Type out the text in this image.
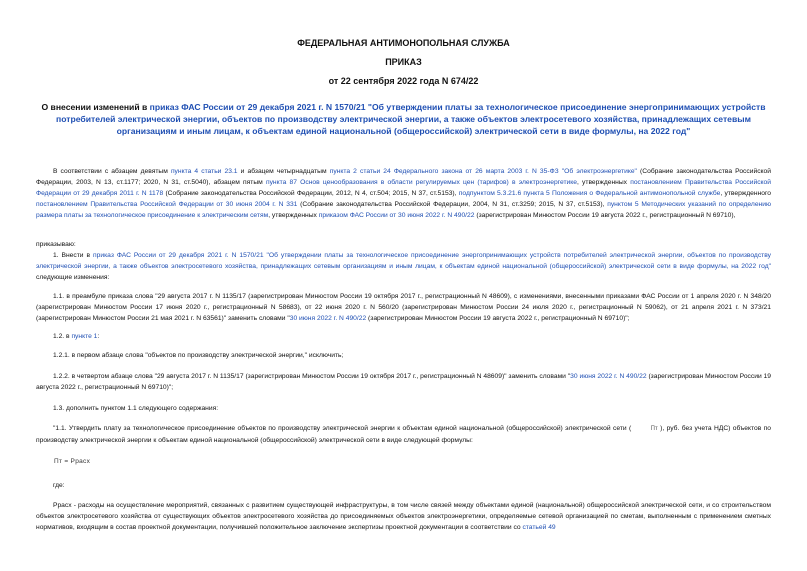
ФЕДЕРАЛЬНАЯ АНТИМОНОПОЛЬНАЯ СЛУЖБА
ПРИКАЗ
от 22 сентября 2022 года N 674/22
О внесении изменений в приказ ФАС России от 29 декабря 2021 г. N 1570/21 "Об утверждении платы за технологическое присоединение энергопринимающих устройств потребителей электрической энергии, объектов по производству электрической энергии, а также объектов электросетевого хозяйства, принадлежащих сетевым организациям и иным лицам, к объектам единой национальной (общероссийской) электрической сети в виде формулы, на 2022 год"

В соответствии с абзацем девятым пункта 4 статьи 23.1 и абзацем четырнадцатым пункта 2 статьи 24 Федерального закона от 26 марта 2003 г. N 35-ФЗ "Об электроэнергетике" (Собрание законодательства Российской Федерации, 2003, N 13, ст.1177; 2020, N 31, ст.5040), абзацем пятым пункта 87 Основ ценообразования в области регулируемых цен (тарифов) в электроэнергетике, утвержденных постановлением Правительства Российской Федерации от 29 декабря 2011 г. N 1178 (Собрание законодательства Российской Федерации, 2012, N 4, ст.504; 2015, N 37, ст.5153), подпунктом 5.3.21.6 пункта 5 Положения о Федеральной антимонопольной службе, утвержденного постановлением Правительства Российской Федерации от 30 июня 2004 г. N 331 (Собрание законодательства Российской Федерации, 2004, N 31, ст.3259; 2015, N 37, ст.5153), пунктом 5 Методических указаний по определению размера платы за технологическое присоединение к электрическим сетям, утвержденных приказом ФАС России от 30 июня 2022 г. N 490/22 (зарегистрирован Минюстом России 19 августа 2022 г., регистрационный N 69710),

приказываю:

1. Внести в приказ ФАС России от 29 декабря 2021 г. N 1570/21 "Об утверждении платы за технологическое присоединение энергопринимающих устройств потребителей электрической энергии, объектов по производству электрической энергии, а также объектов электросетевого хозяйства, принадлежащих сетевым организациям и иным лицам, к объектам единой национальной (общероссийской) электрической сети в виде формулы, на 2022 год" следующие изменения:

1.1. в преамбуле приказа слова "29 августа 2017 г. N 1135/17 (зарегистрирован Минюстом России 19 октября 2017 г., регистрационный N 48609), с изменениями, внесенными приказами ФАС России от 1 апреля 2020 г. N 348/20 (зарегистрирован Минюстом России 17 июня 2020 г., регистрационный N 58683), от 22 июня 2020 г. N 560/20 (зарегистрирован Минюстом России 24 июля 2020 г., регистрационный N 59062), от 21 апреля 2021 г. N 373/21 (зарегистрирован Минюстом России 21 мая 2021 г. N 63561)" заменить словами "30 июня 2022 г. N 490/22 (зарегистрирован Минюстом России 19 августа 2022 г., регистрационный N 69710)";

1.2. в пункте 1:

1.2.1. в первом абзаце слова "объектов по производству электрической энергии," исключить;

1.2.2. в четвертом абзаце слова "29 августа 2017 г. N 1135/17 (зарегистрирован Минюстом России 19 октября 2017 г., регистрационный N 48609)" заменить словами "30 июня 2022 г. N 490/22 (зарегистрирован Минюстом России 19 августа 2022 г., регистрационный N 69710)";

1.3. дополнить пунктом 1.1 следующего содержания:

"1.1. Утвердить плату за технологическое присоединение объектов по производству электрической энергии к объектам единой национальной (общероссийской) электрической сети (	Пт ), руб. без учета НДС) объектов по производству электрической энергии к объектам единой национальной (общероссийской) электрической сети в виде следующей формулы:

Пт = Ррасх

где:

Ррасх - расходы на осуществление мероприятий, связанных с развитием существующей инфраструктуры, в том числе связей между объектами единой (национальной) общероссийской электрической сети, и со строительством объектов электросетевого хозяйства от существующих объектов электросетевого хозяйства до присоединяемых объектов электроэнергетики, определяемые сетевой организацией по сметам, выполненным с применением сметных нормативов, входящим в состав проектной документации, получившей положительное заключение экспертизы проектной документации в соответствии со статьей 49
